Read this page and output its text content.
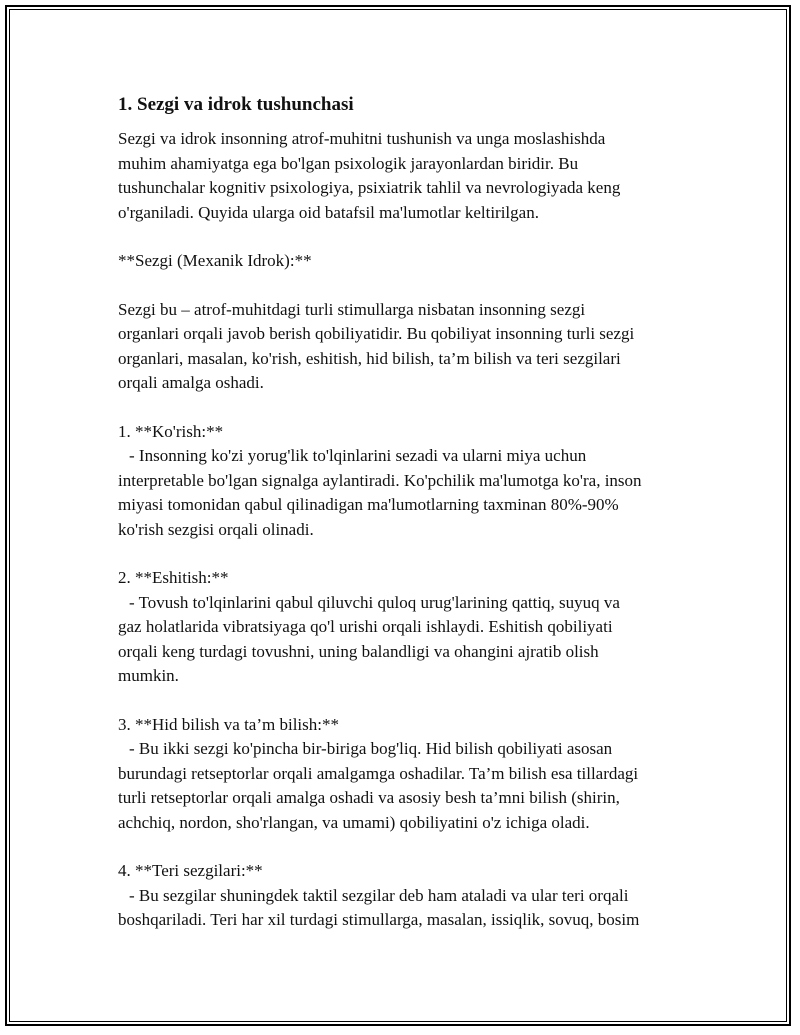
1. Sezgi va idrok tushunchasi
Sezgi va idrok insonning atrof-muhitni tushunish va unga moslashishda
muhim ahamiyatga ega bo'lgan psixologik jarayonlardan biridir. Bu
tushunchalar kognitiv psixologiya, psixiatrik tahlil va nevrologiyada keng
o'rganiladi. Quyida ularga oid batafsil ma'lumotlar keltirilgan.
**Sezgi (Mexanik Idrok):**
Sezgi bu – atrof-muhitdagi turli stimullarga nisbatan insonning sezgi
organlari orqali javob berish qobiliyatidir. Bu qobiliyat insonning turli sezgi
organlari, masalan, ko'rish, eshitish, hid bilish, ta’m bilish va teri sezgilari
orqali amalga oshadi.
1. **Ko'rish:**
- Insonning ko'zi yorug'lik to'lqinlarini sezadi va ularni miya uchun
interpretable bo'lgan signalga aylantiradi. Ko'pchilik ma'lumotga ko'ra, inson
miyasi tomonidan qabul qilinadigan ma'lumotlarning taxminan 80%-90%
ko'rish sezgisi orqali olinadi.
2. **Eshitish:**
- Tovush to'lqinlarini qabul qiluvchi quloq urug'larining qattiq, suyuq va
gaz holatlarida vibratsiyaga qo'l urishi orqali ishlaydi. Eshitish qobiliyati
orqali keng turdagi tovushni, uning balandligi va ohangini ajratib olish
mumkin.
3. **Hid bilish va ta’m bilish:**
- Bu ikki sezgi ko'pincha bir-biriga bog'liq. Hid bilish qobiliyati asosan
burundagi retseptorlar orqali amalgamga oshadilar. Ta’m bilish esa tillardagi
turli retseptorlar orqali amalga oshadi va asosiy besh ta’mni bilish (shirin,
achchiq, nordon, sho'rlangan, va umami) qobiliyatini o'z ichiga oladi.
4. **Teri sezgilari:**
- Bu sezgilar shuningdek taktil sezgilar deb ham ataladi va ular teri orqali
boshqariladi. Teri har xil turdagi stimullarga, masalan, issiqlik, sovuq, bosim
